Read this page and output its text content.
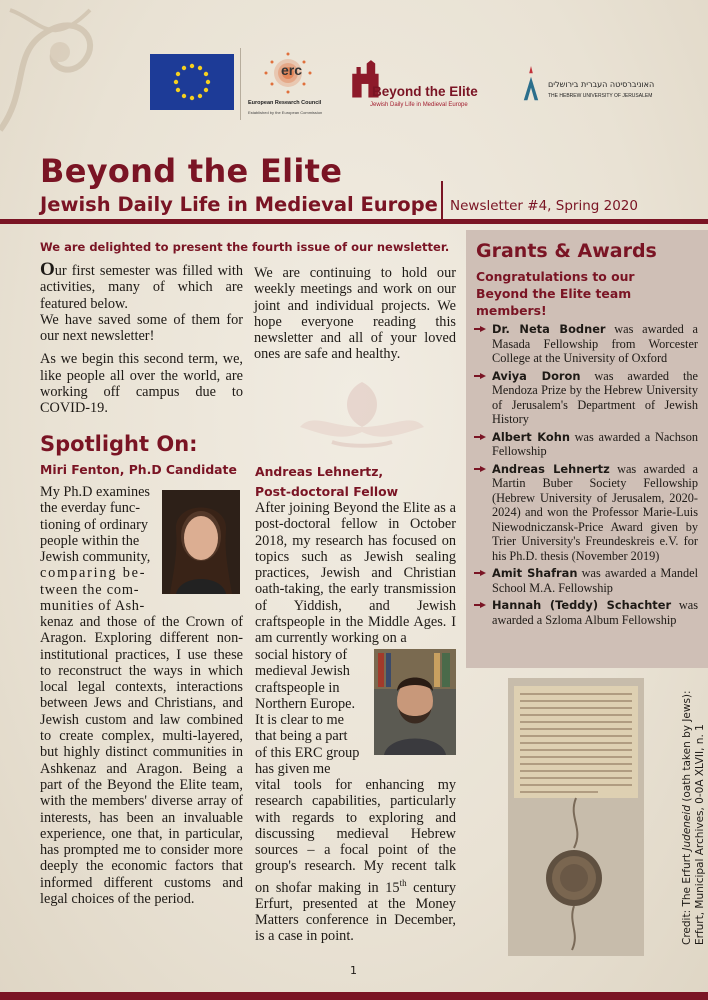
erc
European Research Council
Established by the European Commission
Beyond the Elite
Jewish Daily Life in Medieval Europe
האוניברסיטה העברית בירושלים
THE HEBREW UNIVERSITY OF JERUSALEM
Beyond the Elite
Jewish Daily Life in Medieval Europe Newsletter #4, Spring 2020
We are delighted to present the fourth issue of our newsletter.

Our first semester was filled with activities, many of which are featured below.
We have saved some of them for our next newsletter!

As we begin this second term, we, like people all over the world, are working off campus due to COVID-19.

We are continuing to hold our weekly meetings and work on our joint and individual projects. We hope everyone reading this newsletter and all of your loved ones are safe and healthy.

Spotlight On:
Miri Fenton, Ph.D Candidate
My Ph.D examines
the everday func-
tioning of ordinary
people within the
Jewish community,
comparing be-
tween the com-
munities of Ash-
kenaz and those of the Crown of Aragon. Exploring different non-institutional practices, I use these to reconstruct the ways in which local legal contexts, interactions between Jews and Christians, and Jewish custom and law combined to create complex, multi-layered, but highly distinct communities in Ashkenaz and Aragon. Being a part of the Beyond the Elite team, with the members' diverse array of interests, has been an invaluable experience, one that, in particular, has prompted me to consider more deeply the economic factors that informed different customs and legal choices of the period.
Andreas Lehnertz,
Post-doctoral Fellow
After joining Beyond the Elite as a post-doctoral fellow in October 2018, my research has focused on topics such as Jewish sealing practices, Jewish and Christian oath-taking, the early transmission of Yiddish, and Jewish craftspeople in the Middle Ages. I am currently working on a
social history of
medieval Jewish
craftspeople in
Northern Europe.
It is clear to me
that being a part
of this ERC group
has given me
vital tools for enhancing my research capabilities, particularly with regards to exploring and discussing medieval Hebrew sources – a focal point of the group's research. My recent talk on shofar making in 15th century Erfurt, presented at the Money Matters conference in December, is a case in point.
Grants & Awards
Congratulations to our Beyond the Elite team members!
Dr. Neta Bodner was awarded a Masada Fellowship from Worcester College at the University of Oxford
Aviya Doron was awarded the Mendoza Prize by the Hebrew University of Jerusalem's Department of Jewish History
Albert Kohn was awarded a Nachson Fellowship
Andreas Lehnertz was awarded a Martin Buber Society Fellowship (Hebrew University of Jerusalem, 2020-2024) and won the Professor Marie-Luis Niewodniczansk-Price Award given by Trier University's Freundeskreis e.V. for his Ph.D. thesis (November 2019)
Amit Shafran was awarded a Mandel School M.A. Fellowship
Hannah (Teddy) Schachter was awarded a Szloma Album Fellowship
Credit: The Erfurt Judeneid (oath taken by Jews): Erfurt, Municipal Archives, 0-0A XLVII, n. 1
1
